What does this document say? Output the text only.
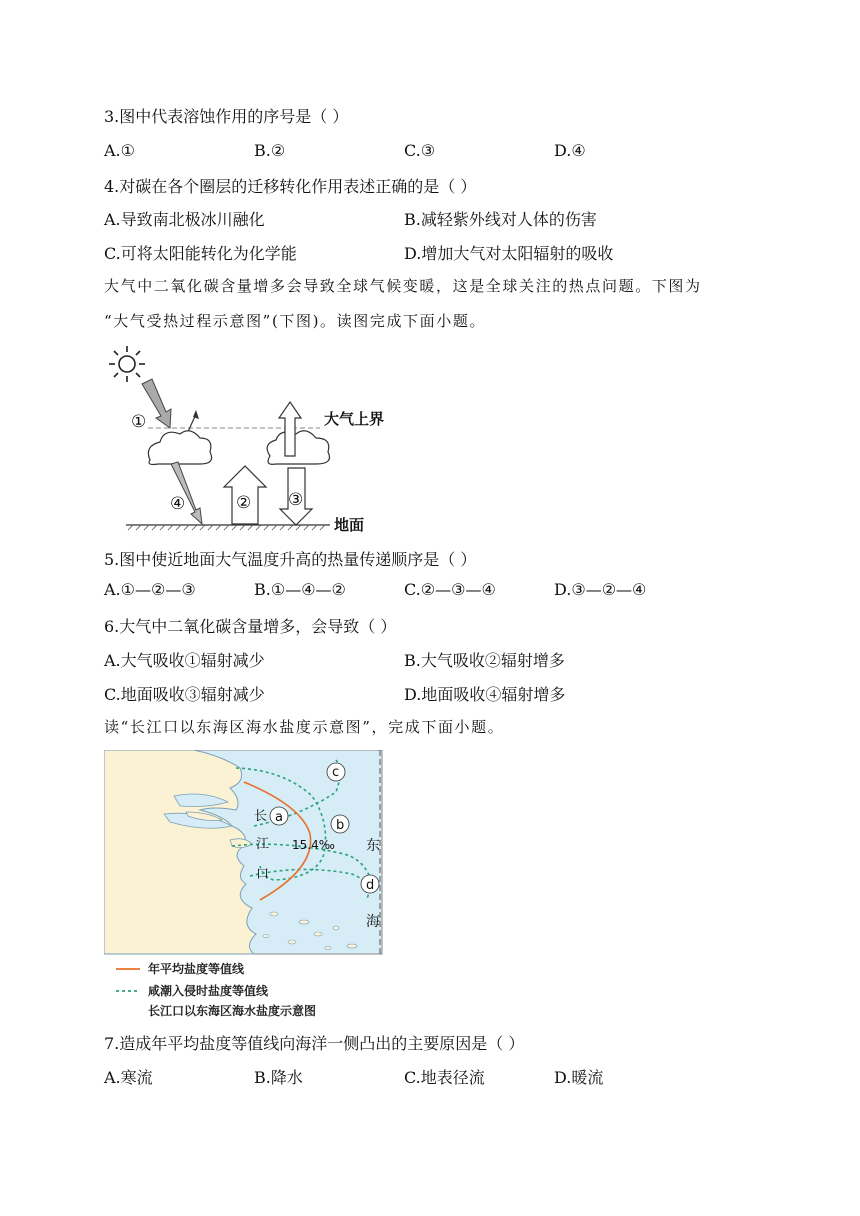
3.图中代表溶蚀作用的序号是（ ）
A.①	B.②	C.③	D.④
4.对碳在各个圈层的迁移转化作用表述正确的是（ ）
A.导致南北极冰川融化	B.减轻紫外线对人体的伤害
C.可将太阳能转化为化学能	D.增加大气对太阳辐射的吸收
大气中二氧化碳含量增多会导致全球气候变暖，这是全球关注的热点问题。下图为
“大气受热过程示意图”(下图)。读图完成下面小题。
①
② ③
④
大气上界
地面
5.图中使近地面大气温度升高的热量传递顺序是（ ）
A.①—②—③	B.①—④—②	C.②—③—④	D.③—②—④
6.大气中二氧化碳含量增多，会导致（ ）
A.大气吸收①辐射减少	B.大气吸收②辐射增多
C.地面吸收③辐射减少	D.地面吸收④辐射增多
读“长江口以东海区海水盐度示意图”，完成下面小题。
a
b
c
d
长
江
口
15.4‰ 东
海
年平均盐度等值线
咸潮入侵时盐度等值线
长江口以东海区海水盐度示意图
7.造成年平均盐度等值线向海洋一侧凸出的主要原因是（ ）
A.寒流	B.降水	C.地表径流	D.暖流
